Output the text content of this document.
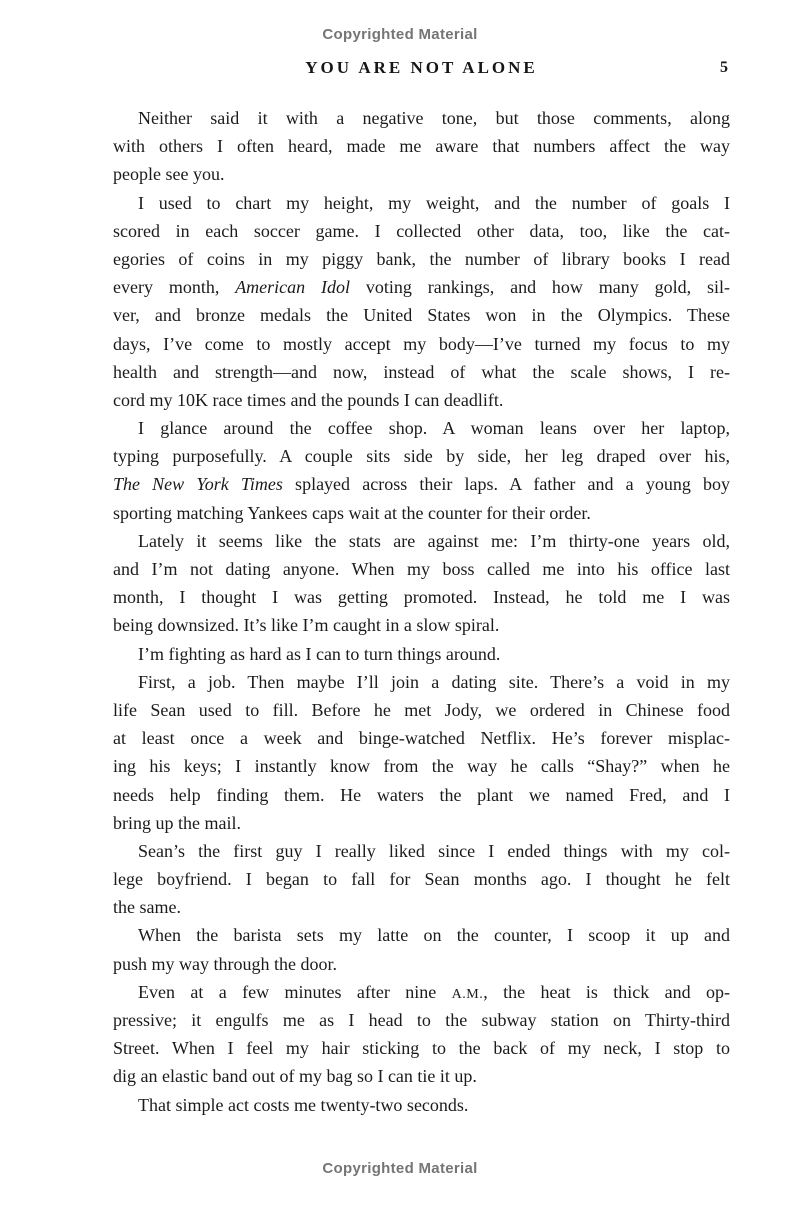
Copyrighted Material
YOU ARE NOT ALONE	5
Neither said it with a negative tone, but those comments, along
with others I often heard, made me aware that numbers affect the way
people see you.
I used to chart my height, my weight, and the number of goals I
scored in each soccer game. I collected other data, too, like the cat-
egories of coins in my piggy bank, the number of library books I read
every month, American Idol voting rankings, and how many gold, sil-
ver, and bronze medals the United States won in the Olympics. These
days, I’ve come to mostly accept my body—I’ve turned my focus to my
health and strength—and now, instead of what the scale shows, I re-
cord my 10K race times and the pounds I can deadlift.
I glance around the coffee shop. A woman leans over her laptop,
typing purposefully. A couple sits side by side, her leg draped over his,
The New York Times splayed across their laps. A father and a young boy
sporting matching Yankees caps wait at the counter for their order.
Lately it seems like the stats are against me: I’m thirty-one years old,
and I’m not dating anyone. When my boss called me into his office last
month, I thought I was getting promoted. Instead, he told me I was
being downsized. It’s like I’m caught in a slow spiral.
I’m fighting as hard as I can to turn things around.
First, a job. Then maybe I’ll join a dating site. There’s a void in my
life Sean used to fill. Before he met Jody, we ordered in Chinese food
at least once a week and binge-watched Netflix. He’s forever misplac-
ing his keys; I instantly know from the way he calls “Shay?” when he
needs help finding them. He waters the plant we named Fred, and I
bring up the mail.
Sean’s the first guy I really liked since I ended things with my col-
lege boyfriend. I began to fall for Sean months ago. I thought he felt
the same.
When the barista sets my latte on the counter, I scoop it up and
push my way through the door.
Even at a few minutes after nine A.M., the heat is thick and op-
pressive; it engulfs me as I head to the subway station on Thirty-third
Street. When I feel my hair sticking to the back of my neck, I stop to
dig an elastic band out of my bag so I can tie it up.
That simple act costs me twenty-two seconds.
Copyrighted Material
